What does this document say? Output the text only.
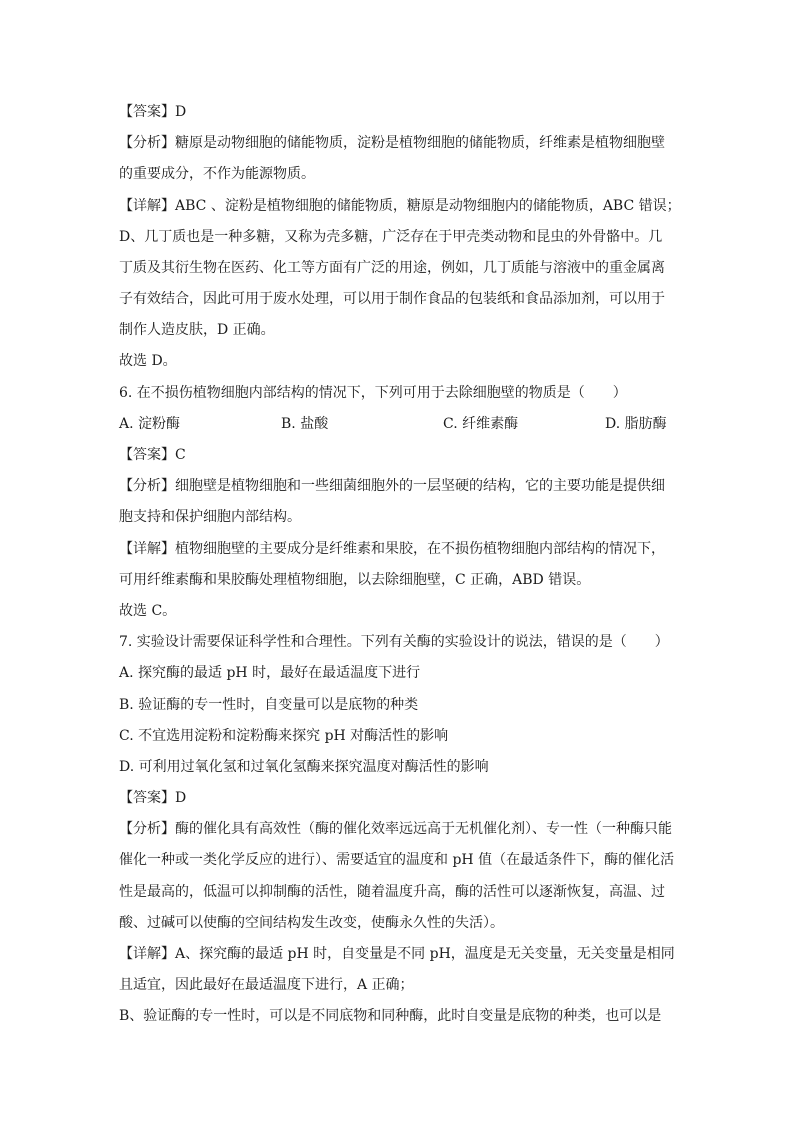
【答案】D
【分析】糖原是动物细胞的储能物质，淀粉是植物细胞的储能物质，纤维素是植物细胞壁
的重要成分，不作为能源物质。
【详解】ABC 、淀粉是植物细胞的储能物质，糖原是动物细胞内的储能物质，ABC 错误；
D、几丁质也是一种多糖，又称为壳多糖，广泛存在于甲壳类动物和昆虫的外骨骼中。几
丁质及其衍生物在医药、化工等方面有广泛的用途，例如，几丁质能与溶液中的重金属离
子有效结合，因此可用于废水处理，可以用于制作食品的包装纸和食品添加剂，可以用于
制作人造皮肤，D 正确。
故选 D。
6. 在不损伤植物细胞内部结构的情况下，下列可用于去除细胞壁的物质是（　　）
A. 淀粉酶	B. 盐酸	C. 纤维素酶	D. 脂肪酶
【答案】C
【分析】细胞壁是植物细胞和一些细菌细胞外的一层坚硬的结构，它的主要功能是提供细
胞支持和保护细胞内部结构。
【详解】植物细胞壁的主要成分是纤维素和果胶，在不损伤植物细胞内部结构的情况下，
可用纤维素酶和果胶酶处理植物细胞，以去除细胞壁，C 正确，ABD 错误。
故选 C。
7. 实验设计需要保证科学性和合理性。下列有关酶的实验设计的说法，错误的是（　　）
A. 探究酶的最适 pH 时，最好在最适温度下进行
B. 验证酶的专一性时，自变量可以是底物的种类
C. 不宜选用淀粉和淀粉酶来探究 pH 对酶活性的影响
D. 可利用过氧化氢和过氧化氢酶来探究温度对酶活性的影响
【答案】D
【分析】酶的催化具有高效性（酶的催化效率远远高于无机催化剂）、专一性（一种酶只能
催化一种或一类化学反应的进行）、需要适宜的温度和 pH 值（在最适条件下，酶的催化活
性是最高的，低温可以抑制酶的活性，随着温度升高，酶的活性可以逐渐恢复，高温、过
酸、过碱可以使酶的空间结构发生改变，使酶永久性的失活）。
【详解】A、探究酶的最适 pH 时，自变量是不同 pH，温度是无关变量，无关变量是相同
且适宜，因此最好在最适温度下进行，A 正确；
B、验证酶的专一性时，可以是不同底物和同种酶，此时自变量是底物的种类，也可以是
